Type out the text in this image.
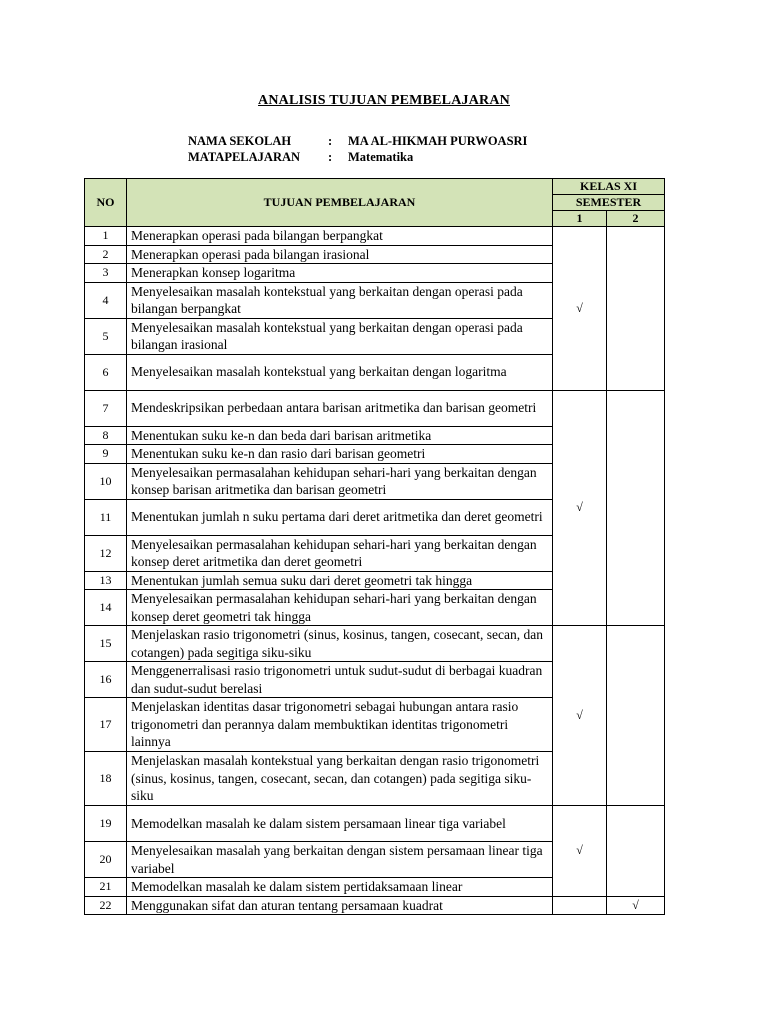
ANALISIS TUJUAN PEMBELAJARAN
NAMA SEKOLAH	: MA AL-HIKMAH PURWOASRI
MATAPELAJARAN : Matematika
NO	TUJUAN PEMBELAJARAN	KELAS XI	
		SEMESTER	
		1	2
1	Menerapkan operasi pada bilangan berpangkat	√	
2	Menerapkan operasi pada bilangan irasional		
3	Menerapkan konsep logaritma		
4	Menyelesaikan masalah kontekstual yang berkaitan dengan operasi pada bilangan berpangkat		
5	Menyelesaikan masalah kontekstual yang berkaitan dengan operasi pada bilangan irasional		
6	Menyelesaikan masalah kontekstual yang berkaitan dengan logaritma		
7	Mendeskripsikan perbedaan antara barisan aritmetika dan barisan geometri	√	
8	Menentukan suku ke-n dan beda dari barisan aritmetika		
9	Menentukan suku ke-n dan rasio dari barisan geometri		
10	Menyelesaikan permasalahan kehidupan sehari-hari yang berkaitan dengan konsep barisan aritmetika dan barisan geometri		
11	Menentukan jumlah n suku pertama dari deret aritmetika dan deret geometri		
12	Menyelesaikan permasalahan kehidupan sehari-hari yang berkaitan dengan konsep deret aritmetika dan deret geometri		
13	Menentukan jumlah semua suku dari deret geometri tak hingga		
14	Menyelesaikan permasalahan kehidupan sehari-hari yang berkaitan dengan konsep deret geometri tak hingga		
15	Menjelaskan rasio trigonometri (sinus, kosinus, tangen, cosecant, secan, dan cotangen) pada segitiga siku-siku	√	
16	Menggenerralisasi rasio trigonometri untuk sudut-sudut di berbagai kuadran dan sudut-sudut berelasi		
17	Menjelaskan identitas dasar trigonometri sebagai hubungan antara rasio trigonometri dan perannya dalam membuktikan identitas trigonometri lainnya		
18	Menjelaskan masalah kontekstual yang berkaitan dengan rasio trigonometri (sinus, kosinus, tangen, cosecant, secan, dan cotangen) pada segitiga siku-siku		
19	Memodelkan masalah ke dalam sistem persamaan linear tiga variabel	√	
20	Menyelesaikan masalah yang berkaitan dengan sistem persamaan linear tiga variabel		
21	Memodelkan masalah ke dalam sistem pertidaksamaan linear		
22	Menggunakan sifat dan aturan tentang persamaan kuadrat		√
